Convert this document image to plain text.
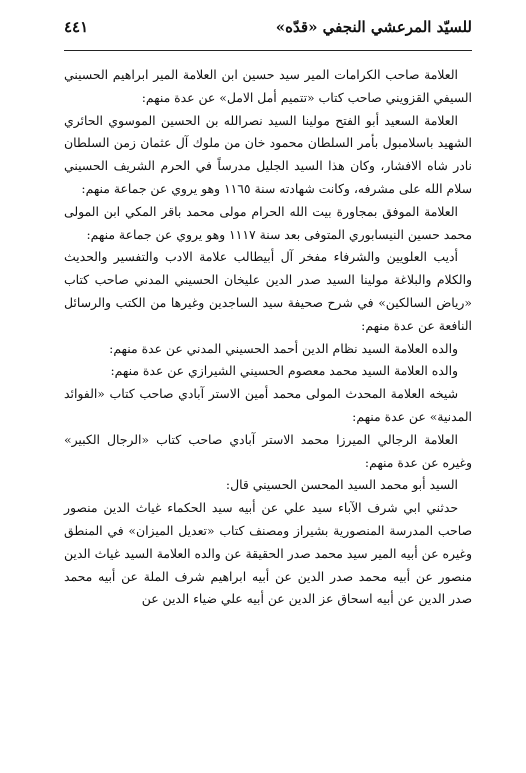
للسيّد المرعشي النجفي «قدّه»
٤٤١

العلامة صاحب الكرامات المير سيد حسين ابن العلامة المير ابراهيم الحسيني السيفي القزويني صاحب كتاب «تتميم أمل الامل» عن عدة منهم:

العلامة السعيد أبو الفتح مولينا السيد نصرالله بن الحسين الموسوي الحائري الشهيد باسلامبول بأمر السلطان محمود خان من ملوك آل عثمان زمن السلطان نادر شاه الافشار، وكان هذا السيد الجليل مدرساً في الحرم الشريف الحسيني سلام الله على مشرفه، وكانت شهادته سنة ١١٦٥ وهو يروي عن جماعة منهم:

العلامة الموفق بمجاورة بيت الله الحرام مولى محمد باقر المكي ابن المولى محمد حسين النيسابوري المتوفى بعد سنة ١١١٧ وهو يروي عن جماعة منهم:

أديب العلويين والشرفاء مفخر آل أبيطالب علامة الادب والتفسير والحديث والكلام والبلاغة مولينا السيد صدر الدين عليخان الحسيني المدني صاحب كتاب «رياض السالكين» في شرح صحيفة سيد الساجدين وغيرها من الكتب والرسائل النافعة عن عدة منهم:

والده العلامة السيد نظام الدين أحمد الحسيني المدني عن عدة منهم:

والده العلامة السيد محمد معصوم الحسيني الشيرازي عن عدة منهم:

شيخه العلامة المحدث المولى محمد أمين الاستر آبادي صاحب كتاب «الفوائد المدنية» عن عدة منهم:

العلامة الرجالي الميرزا محمد الاستر آبادي صاحب كتاب «الرجال الكبير» وغيره عن عدة منهم:

السيد أبو محمد السيد المحسن الحسيني قال:

حدثني ابي شرف الآباء سيد علي عن أبيه سيد الحكماء غياث الدين منصور صاحب المدرسة المنصورية بشيراز ومصنف كتاب «تعديل الميزان» في المنطق وغيره عن أبيه المير سيد محمد صدر الحقيقة عن والده العلامة السيد غياث الدين منصور عن أبيه محمد صدر الدين عن أبيه ابراهيم شرف الملة عن أبيه محمد صدر الدين عن أبيه اسحاق عز الدين عن أبيه علي ضياء الدين عن
